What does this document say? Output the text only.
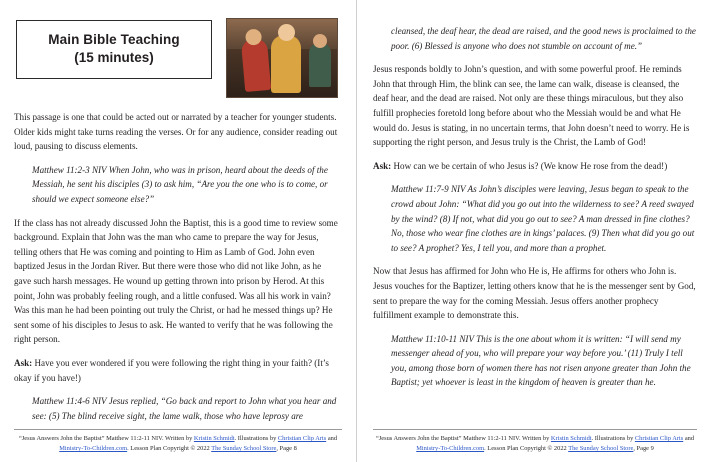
Main Bible Teaching
(15 minutes)

This passage is one that could be acted out or narrated by a teacher for younger students. Older kids might take turns reading the verses. Or for any audience, consider reading out loud, pausing to discuss elements.

Matthew 11:2-3 NIV When John, who was in prison, heard about the deeds of the Messiah, he sent his disciples (3) to ask him, “Are you the one who is to come, or should we expect someone else?”

If the class has not already discussed John the Baptist, this is a good time to review some background. Explain that John was the man who came to prepare the way for Jesus, telling others that He was coming and pointing to Him as Lamb of God. John even baptized Jesus in the Jordan River. But there were those who did not like John, as he gave such harsh messages. He wound up getting thrown into prison by Herod. At this point, John was probably feeling rough, and a little confused. Was all his work in vain? Was this man he had been pointing out truly the Christ, or had he messed things up? He sent some of his disciples to Jesus to ask. He wanted to verify that he was following the right person.

Ask: Have you ever wondered if you were following the right thing in your faith? (It’s okay if you have!)

Matthew 11:4-6 NIV Jesus replied, “Go back and report to John what you hear and see: (5) The blind receive sight, the lame walk, those who have leprosy are

“Jesus Answers John the Baptist” Matthew 11:2-11 NIV. Written by Kristin Schmidt. Illustrations by Christian Clip Arts and Ministry-To-Children.com. Lesson Plan Copyright © 2022 The Sunday School Store, Page 8

cleansed, the deaf hear, the dead are raised, and the good news is proclaimed to the poor. (6) Blessed is anyone who does not stumble on account of me.”

Jesus responds boldly to John’s question, and with some powerful proof. He reminds John that through Him, the blink can see, the lame can walk, disease is cleansed, the deaf hear, and the dead are raised. Not only are these things miraculous, but they also fulfill prophecies foretold long before about who the Messiah would be and what He would do. Jesus is stating, in no uncertain terms, that John doesn’t need to worry. He is supporting the right person, and Jesus truly is the Christ, the Lamb of God!

Ask: How can we be certain of who Jesus is? (We know He rose from the dead!)

Matthew 11:7-9 NIV As John’s disciples were leaving, Jesus began to speak to the crowd about John: “What did you go out into the wilderness to see? A reed swayed by the wind? (8) If not, what did you go out to see? A man dressed in fine clothes? No, those who wear fine clothes are in kings’ palaces. (9) Then what did you go out to see? A prophet? Yes, I tell you, and more than a prophet.

Now that Jesus has affirmed for John who He is, He affirms for others who John is. Jesus vouches for the Baptizer, letting others know that he is the messenger sent by God, sent to prepare the way for the coming Messiah. Jesus offers another prophecy fulfillment example to demonstrate this.

Matthew 11:10-11 NIV This is the one about whom it is written: “I will send my messenger ahead of you, who will prepare your way before you.’ (11) Truly I tell you, among those born of women there has not risen anyone greater than John the Baptist; yet whoever is least in the kingdom of heaven is greater than he.

“Jesus Answers John the Baptist” Matthew 11:2-11 NIV. Written by Kristin Schmidt. Illustrations by Christian Clip Arts and Ministry-To-Children.com. Lesson Plan Copyright © 2022 The Sunday School Store, Page 9
